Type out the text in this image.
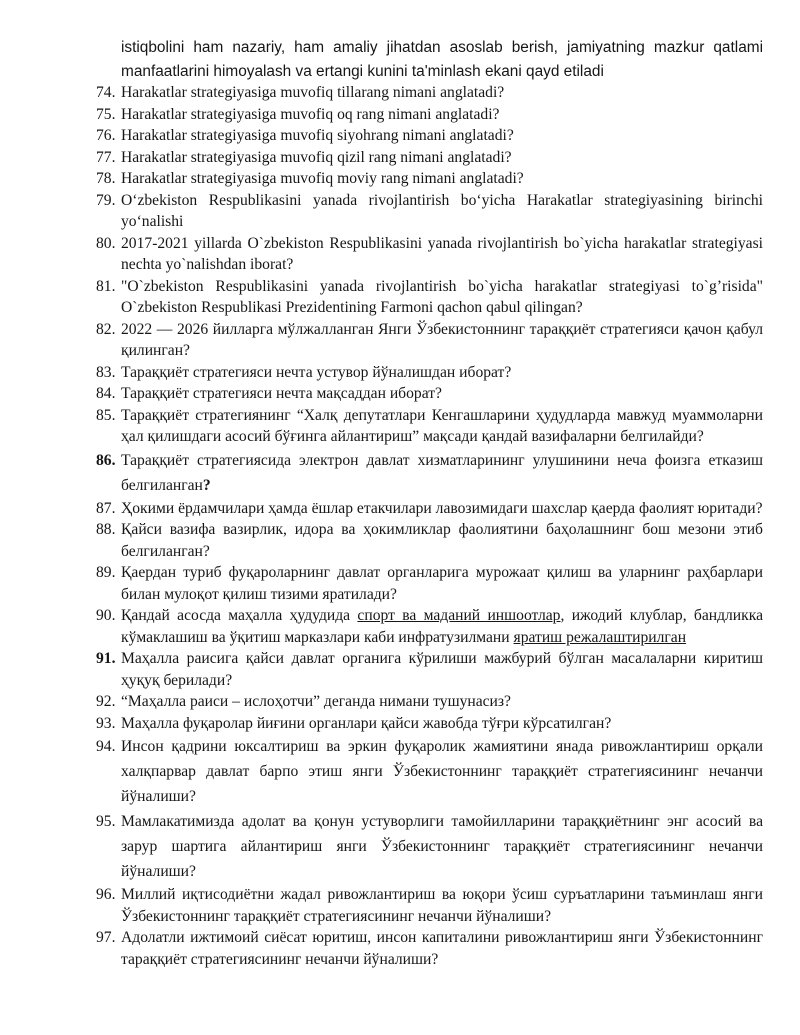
istiqbolini ham nazariy, ham amaliy jihatdan asoslab berish, jamiyatning mazkur qatlami manfaatlarini himoyalash va ertangi kunini ta'minlash ekani qayd etiladi

74. Harakatlar strategiyasiga muvofiq tillarang nimani anglatadi?

75. Harakatlar strategiyasiga muvofiq oq rang nimani anglatadi?

76. Harakatlar strategiyasiga muvofiq siyohrang nimani anglatadi?

77. Harakatlar strategiyasiga muvofiq qizil rang nimani anglatadi?

78. Harakatlar strategiyasiga muvofiq moviy rang nimani anglatadi?

79. O‘zbekiston Respublikasini yanada rivojlantirish bo‘yicha Harakatlar strategiyasining birinchi yo‘nalishi

80. 2017-2021 yillarda O`zbekiston Respublikasini yanada rivojlantirish bo`yicha harakatlar strategiyasi nechta yo`nalishdan iborat?

81. "O`zbekiston Respublikasini yanada rivojlantirish bo`yicha harakatlar strategiyasi to`g’risida" O`zbekiston Respublikasi Prezidentining Farmoni qachon qabul qilingan?

82. 2022 — 2026 йилларга мўлжалланган Янги Ўзбекистоннинг тараққиёт стратегияси қачон қабул қилинган?

83. Тараққиёт стратегияси нечта устувор йўналишдан иборат?

84. Тараққиёт стратегияси нечта мақсаддан иборат?

85. Тараққиёт стратегиянинг “Халқ депутатлари Кенгашларини ҳудудларда мавжуд муаммоларни ҳал қилишдаги асосий бўғинга айлантириш” мақсади қандай вазифаларни белгилайди?

86. Тараққиёт стратегиясида электрон давлат хизматларининг улушинини неча фоизга етказиш белгиланган?

87. Ҳокими ёрдамчилари ҳамда ёшлар етакчилари лавозимидаги шахслар қаерда фаолият юритади?

88. Қайси вазифа вазирлик, идора ва ҳокимликлар фаолиятини баҳолашнинг бош мезони этиб белгиланган?

89. Қаердан туриб фуқароларнинг давлат органларига мурожаат қилиш ва уларнинг раҳбарлари билан мулоқот қилиш тизими яратилади?

90. Қандай асосда маҳалла ҳудудида спорт ва маданий иншоотлар, ижодий клублар, бандликка кўмаклашиш ва ўқитиш марказлари каби инфратузилмани яратиш режалаштирилган

91. Маҳалла раисига қайси давлат органига кўрилиши мажбурий бўлган масалаларни киритиш ҳуқуқ берилади?

92. “Маҳалла раиси – ислоҳотчи” деганда нимани тушунасиз?

93. Маҳалла фуқаролар йиғини органлари қайси жавобда тўғри кўрсатилган?

94. Инсон қадрини юксалтириш ва эркин фуқаролик жамиятини янада ривожлантириш орқали халқпарвар давлат барпо этиш янги Ўзбекистоннинг тараққиёт стратегиясининг нечанчи йўналиши?

95. Мамлакатимизда адолат ва қонун устуворлиги тамойилларини тараққиётнинг энг асосий ва зарур шартига айлантириш янги Ўзбекистоннинг тараққиёт стратегиясининг нечанчи йўналиши?

96. Миллий иқтисодиётни жадал ривожлантириш ва юқори ўсиш суръатларини таъминлаш янги Ўзбекистоннинг тараққиёт стратегиясининг нечанчи йўналиши?

97. Адолатли ижтимоий сиёсат юритиш, инсон капиталини ривожлантириш янги Ўзбекистоннинг тараққиёт стратегиясининг нечанчи йўналиши?
